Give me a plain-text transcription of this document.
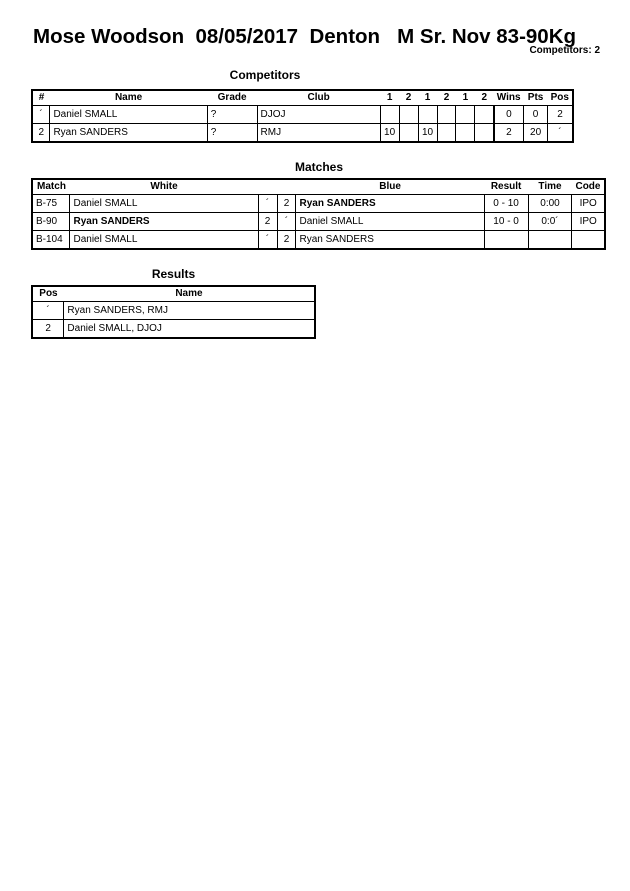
Mose Woodson  08/05/2017  Denton   M Sr. Nov 83-90Kg
Competitors: 2
Competitors
#	Name	Grade	Club	1	2	1	2	1	2	Wins	Pts	Pos
´	Daniel SMALL	?	DJOJ							0	0	2
2	Ryan SANDERS	?	RMJ	10		10				2	20	´
Matches
Match	White			Blue	Result	Time	Code
B-75	Daniel SMALL	´	2	Ryan SANDERS	0 - 10	0:00	IPO
B-90	Ryan SANDERS	2	´	Daniel SMALL	10 - 0	0:0´	IPO
B-104	Daniel SMALL	´	2	Ryan SANDERS			
Results
Pos	Name
´	Ryan SANDERS, RMJ
2	Daniel SMALL, DJOJ
